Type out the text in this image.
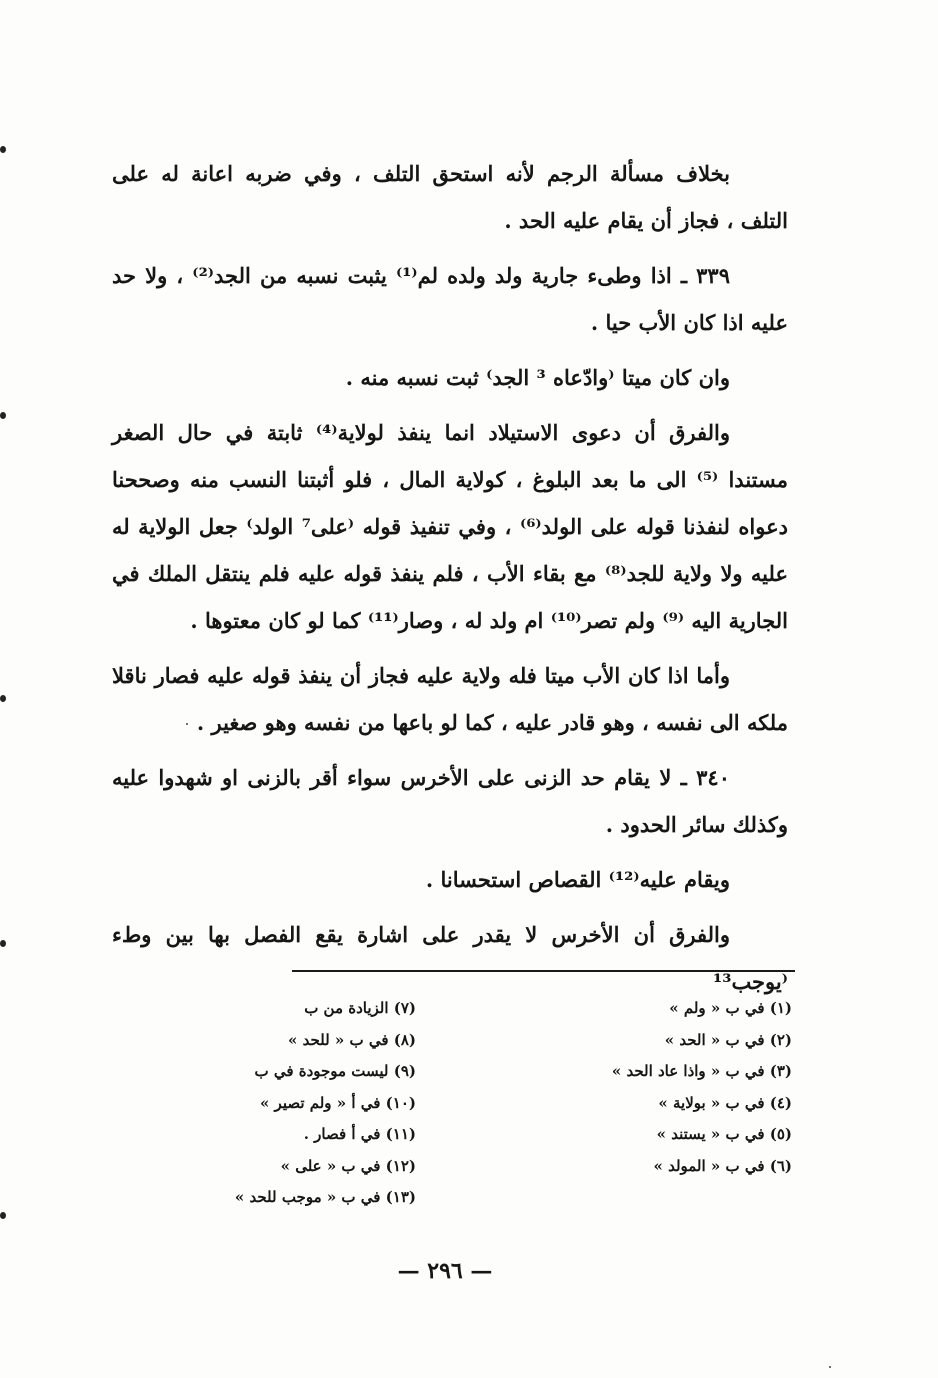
بخلاف مسألة الرجم لأنه استحق التلف ، وفي ضربه اعانة له على التلف ، فجاز أن يقام عليه الحد .

٣٣٩ ـ اذا وطىء جارية ولد ولده لم⁽¹⁾ يثبت نسبه من الجد⁽²⁾ ، ولا حد عليه اذا كان الأب حيا .

وان كان ميتا ⁽وادّعاه ³ الجد⁾ ثبت نسبه منه .

والفرق أن دعوى الاستيلاد انما ينفذ لولاية⁽⁴⁾ ثابتة في حال الصغر مستندا ⁽⁵⁾ الى ما بعد البلوغ ، كولاية المال ، فلو أثبتنا النسب منه وصححنا دعواه لنفذنا قوله على الولد⁽⁶⁾ ، وفي تنفيذ قوله ⁽على⁷ الولد⁾ جعل الولاية له عليه ولا ولاية للجد⁽⁸⁾ مع بقاء الأب ، فلم ينفذ قوله عليه فلم ينتقل الملك في الجارية اليه ⁽⁹⁾ ولم تصر⁽¹⁰⁾ ام ولد له ، وصار⁽¹¹⁾ كما لو كان معتوها .

وأما اذا كان الأب ميتا فله ولاية عليه فجاز أن ينفذ قوله عليه فصار ناقلا ملكه الى نفسه ، وهو قادر عليه ، كما لو باعها من نفسه وهو صغير .

٣٤٠ ـ لا يقام حد الزنى على الأخرس سواء أقر بالزنى او شهدوا عليه وكذلك سائر الحدود .

ويقام عليه⁽¹²⁾ القصاص استحسانا .

والفرق أن الأخرس لا يقدر على اشارة يقع الفصل بها بين وطء ⁽يوجب¹³

(١) في ب « ولم »
(٢) في ب « الحد »
(٣) في ب « واذا عاد الحد »
(٤) في ب « بولاية »
(٥) في ب « يستند »
(٦) في ب « المولد »
(٧) الزيادة من ب
(٨) في ب « للحد »
(٩) ليست موجودة في ب
(١٠) في أ « ولم تصير »
(١١) في أ فصار .
(١٢) في ب « على »
(١٣) في ب « موجب للحد »
— ٢٩٦ —
